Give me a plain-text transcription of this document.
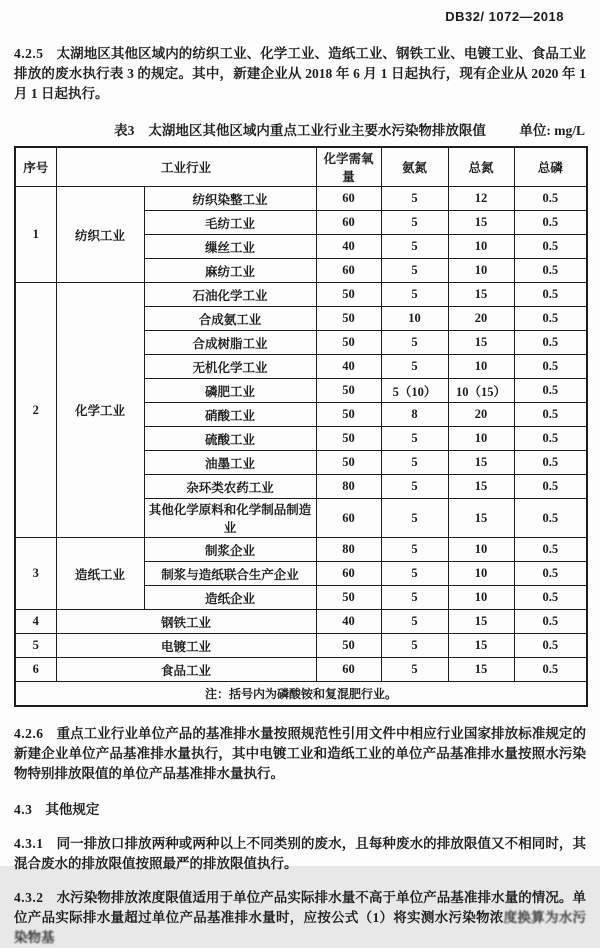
DB32/ 1072—2018

4.2.5 太湖地区其他区域内的纺织工业、化学工业、造纸工业、钢铁工业、电镀工业、食品工业排放的废水执行表 3 的规定。其中，新建企业从 2018 年 6 月 1 日起执行，现有企业从 2020 年 1 月 1 日起执行。

表3 太湖地区其他区域内重点工业行业主要水污染物排放限值	单位: mg/L
序号	工业行业		化学需氧量	氨氮	总氮	总磷
1	纺织工业	纺织染整工业	60	5	12	0.5
		毛纺工业	60	5	15	0.5
		缫丝工业	40	5	10	0.5
		麻纺工业	60	5	10	0.5
2	化学工业	石油化学工业	50	5	15	0.5
		合成氨工业	50	10	20	0.5
		合成树脂工业	50	5	15	0.5
		无机化学工业	40	5	10	0.5
		磷肥工业	50	5（10）	10（15）	0.5
		硝酸工业	50	8	20	0.5
		硫酸工业	50	5	10	0.5
		油墨工业	50	5	15	0.5
		杂环类农药工业	80	5	15	0.5
		其他化学原料和化学制品制造业	60	5	15	0.5
3	造纸工业	制浆企业	80	5	10	0.5
		制浆与造纸联合生产企业	60	5	10	0.5
		造纸企业	50	5	10	0.5
4	钢铁工业		40	5	15	0.5
5	电镀工业		50	5	15	0.5
6	食品工业		60	5	15	0.5
注：括号内为磷酸铵和复混肥行业。						

4.2.6 重点工业行业单位产品的基准排水量按照规范性引用文件中相应行业国家排放标准规定的新建企业单位产品基准排水量执行，其中电镀工业和造纸工业的单位产品基准排水量按照水污染物特别排放限值的单位产品基准排水量执行。

4.3 其他规定

4.3.1 同一排放口排放两种或两种以上不同类别的废水，且每种废水的排放限值又不相同时，其混合废水的排放限值按照最严的排放限值执行。

4.3.2 水污染物排放浓度限值适用于单位产品实际排水量不高于单位产品基准排水量的情况。单位产品实际排水量超过单位产品基准排水量时，应按公式（1）将实测水污染物浓度换算为水污染物基
